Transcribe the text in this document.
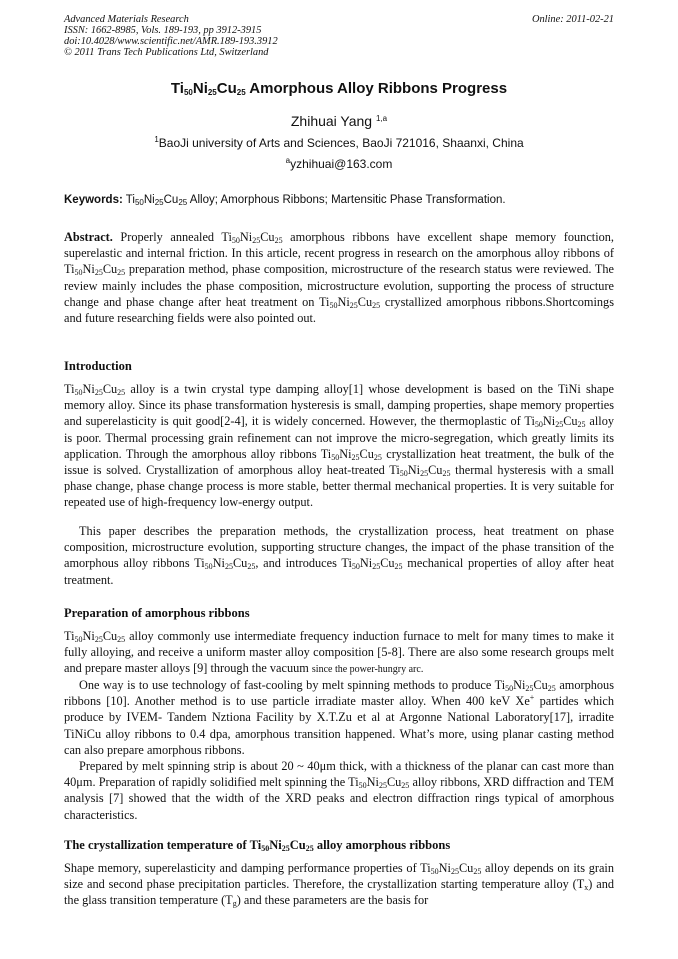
Advanced Materials Research
ISSN: 1662-8985, Vols. 189-193, pp 3912-3915
doi:10.4028/www.scientific.net/AMR.189-193.3912
© 2011 Trans Tech Publications Ltd, Switzerland
Online: 2011-02-21
$Ti_{50}Ni_{25}Cu_{25}$ Amorphous Alloy Ribbons Progress
Zhihuai Yang $^{1,a}$
$^1$BaoJi university of Arts and Sciences, BaoJi 721016, Shaanxi, China
$^a$yzhihuai@163.com
Keywords: $Ti_{50}Ni_{25}Cu_{25}$ Alloy; Amorphous Ribbons; Martensitic Phase Transformation.
Abstract. Properly annealed $Ti_{50}Ni_{25}Cu_{25}$ amorphous ribbons have excellent shape memory founction, superelastic and internal friction. In this article, recent progress in research on the amorphous alloy ribbons of $Ti_{50}Ni_{25}Cu_{25}$ preparation method, phase composition, microstructure of the research status were reviewed. The review mainly includes the phase composition, microstructure evolution, supporting the process of structure change and phase change after heat treatment on $Ti_{50}Ni_{25}Cu_{25}$ crystallized amorphous ribbons.Shortcomings and future researching fields were also pointed out.
Introduction
$Ti_{50}Ni_{25}Cu_{25}$ alloy is a twin crystal type damping alloy[1] whose development is based on the TiNi shape memory alloy. Since its phase transformation hysteresis is small, damping properties, shape memory properties and superelasticity is quit good[2-4], it is widely concerned. However, the thermoplastic of $Ti_{50}Ni_{25}Cu_{25}$ alloy is poor. Thermal processing grain refinement can not improve the micro-segregation, which greatly limits its application. Through the amorphous alloy ribbons $Ti_{50}Ni_{25}Cu_{25}$ crystallization heat treatment, the bulk of the issue is solved. Crystallization of amorphous alloy heat-treated $Ti_{50}Ni_{25}Cu_{25}$ thermal hysteresis with a small phase change, phase change process is more stable, better thermal mechanical properties. It is very suitable for repeated use of high-frequency low-energy output.
This paper describes the preparation methods, the crystallization process, heat treatment on phase composition, microstructure evolution, supporting structure changes, the impact of the phase transition of the amorphous alloy ribbons $Ti_{50}Ni_{25}Cu_{25}$, and introduces $Ti_{50}Ni_{25}Cu_{25}$ mechanical properties of alloy after heat treatment.
Preparation of amorphous ribbons
$Ti_{50}Ni_{25}Cu_{25}$ alloy commonly use intermediate frequency induction furnace to melt for many times to make it fully alloying, and receive a uniform master alloy composition [5-8]. There are also some research groups melt and prepare master alloys [9] through the vacuum since the power-hungry arc.
One way is to use technology of fast-cooling by melt spinning methods to produce $Ti_{50}Ni_{25}Cu_{25}$ amorphous ribbons [10]. Another method is to use particle irradiate master alloy. When 400 keV Xe+ partides which produce by IVEM- Tandem Nztiona Facility by X.T.Zu et al at Argonne National Laboratory[17], irradite TiNiCu alloy ribbons to 0.4 dpa, amorphous transition happened. What’s more, using planar casting method can also prepare amorphous ribbons.
Prepared by melt spinning strip is about 20 ~ 40μm thick, with a thickness of the planar can cast more than 40μm. Preparation of rapidly solidified melt spinning the $Ti_{50}Ni_{25}Cu_{25}$ alloy ribbons, XRD diffraction and TEM analysis [7] showed that the width of the XRD peaks and electron diffraction rings typical of amorphous characteristics.
The crystallization temperature of $Ti_{50}Ni_{25}Cu_{25}$ alloy amorphous ribbons
Shape memory, superelasticity and damping performance properties of $Ti_{50}Ni_{25}Cu_{25}$ alloy depends on its grain size and second phase precipitation particles. Therefore, the crystallization starting temperature alloy $(T_x)$ and the glass transition temperature $(T_g)$ and these parameters are the basis for
